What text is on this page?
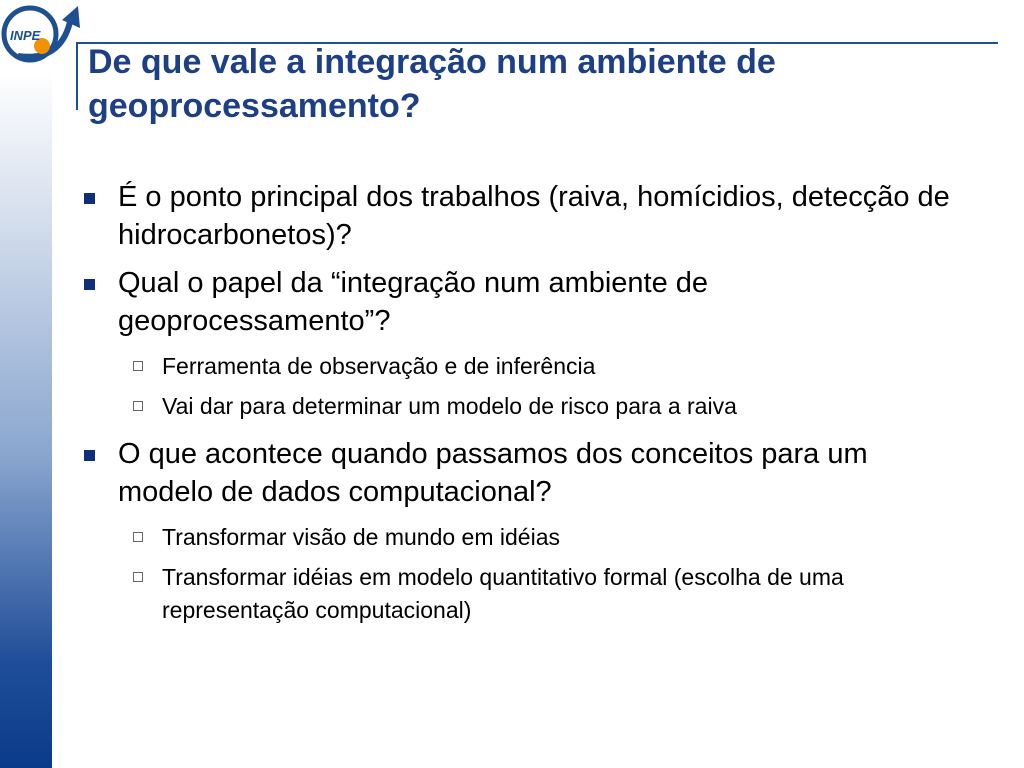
INPE
De que vale a integração num ambiente de geoprocessamento?

É o ponto principal dos trabalhos (raiva, homícidios, detecção de hidrocarbonetos)?

Qual o papel da “integração num ambiente de geoprocessamento”?

Ferramenta de observação e de inferência

Vai dar para determinar um modelo de risco para a raiva

O que acontece quando passamos dos conceitos para um modelo de dados computacional?

Transformar visão de mundo em idéias

Transformar idéias em modelo quantitativo formal (escolha de uma representação computacional)
